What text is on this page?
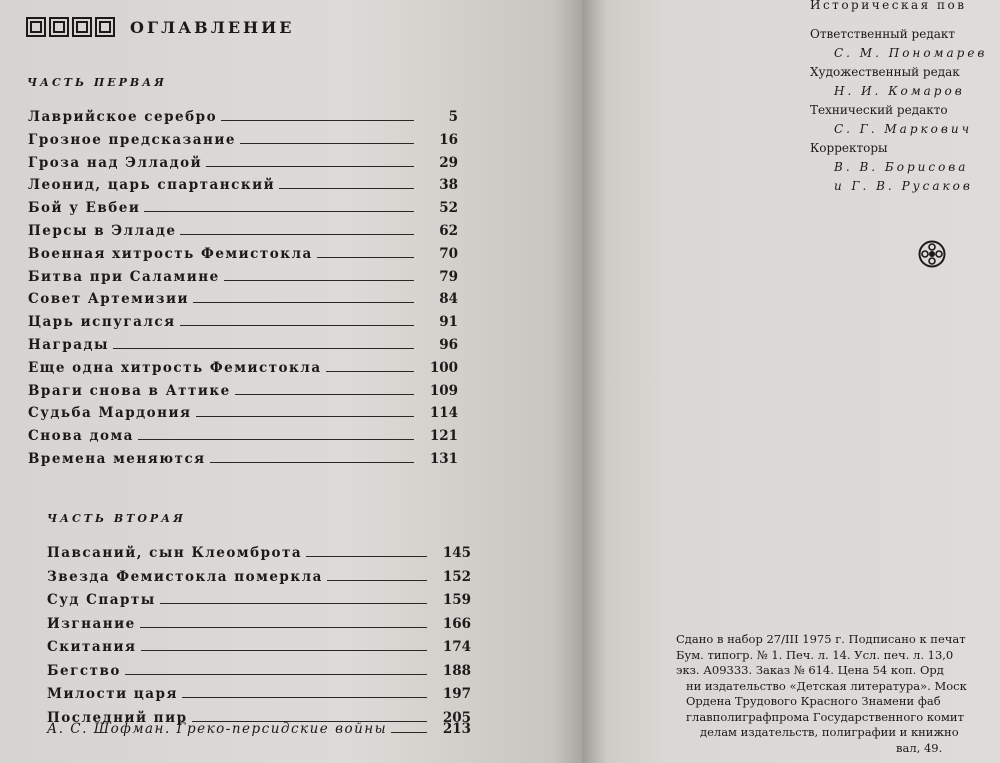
ОГЛАВЛЕНИЕ
ЧАСТЬ ПЕРВАЯ
Лаврийское серебро	5
Грозное предсказание	16
Гроза над Элладой	29
Леонид, царь спартанский	38
Бой у Евбеи	52
Персы в Элладе	62
Военная хитрость Фемистокла	70
Битва при Саламине	79
Совет Артемизии	84
Царь испугался	91
Награды	96
Еще одна хитрость Фемистокла	100
Враги снова в Аттике	109
Судьба Мардония	114
Снова дома	121
Времена меняются	131
ЧАСТЬ ВТОРАЯ
Павсаний, сын Клеомброта	145
Звезда Фемистокла померкла	152
Суд Спарты	159
Изгнание	166
Скитания	174
Бегство	188
Милости царя	197
Последний пир	205
А. С. Шофман. Греко-персидские войны	213
Историческая пов
Ответственный редакт
С. М. Пономарев
Художественный редак
Н. И. Комаров
Технический редакто
С. Г. Маркович
Корректоры
В. В. Борисова
и Г. В. Русаков
Сдано в набор 27/III 1975 г. Подписано к печат
Бум. типогр. № 1. Печ. л. 14. Усл. печ. л. 13,0
экз. А09333. Заказ № 614. Цена 54 коп. Орд
ни издательство «Детская литература». Моск
Ордена Трудового Красного Знамени фаб
главполиграфпрома Государственного комит
делам издательств, полиграфии и книжно
вал, 49.
